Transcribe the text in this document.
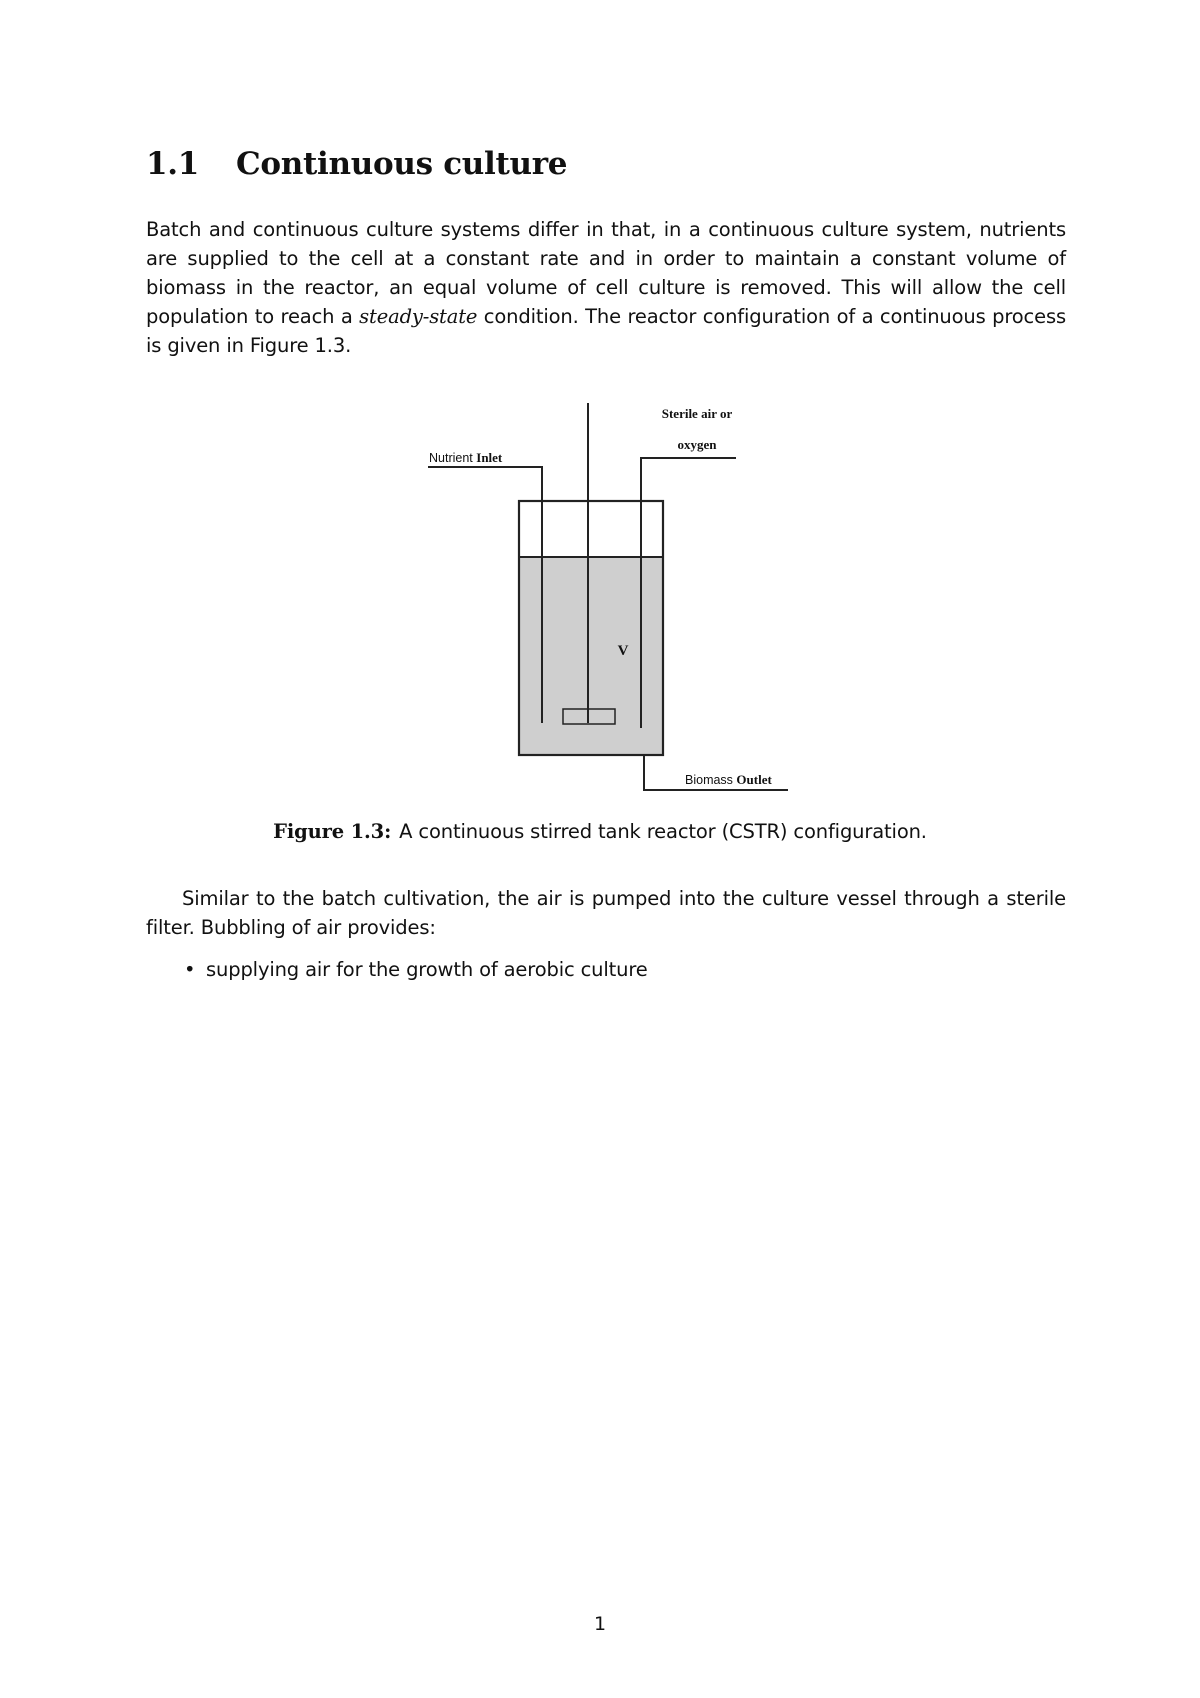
1.1 Continuous culture

Batch and continuous culture systems differ in that, in a continuous culture system, nutrients are supplied to the cell at a constant rate and in order to maintain a constant volume of biomass in the reactor, an equal volume of cell culture is removed. This will allow the cell population to reach a steady-state condition. The reactor configuration of a continuous process is given in Figure 1.3.

Nutrient Inlet
Sterile air or
oxygen
V
Biomass Outlet
Figure 1.3: A continuous stirred tank reactor (CSTR) configuration.

Similar to the batch cultivation, the air is pumped into the culture vessel through a sterile filter. Bubbling of air provides:

• supplying air for the growth of aerobic culture
1
